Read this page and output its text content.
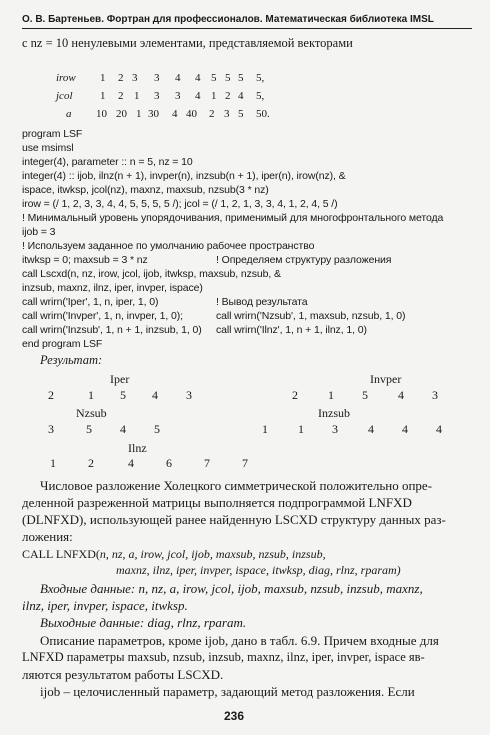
О. В. Бартеньев. Фортран для профессионалов. Математическая библиотека IMSL
с nz = 10 ненулевыми элементами, представляемой векторами
irow 1 2 3 3 4 4 5 5 5 5,
jcol	1 2 1 3 3 4 1 2 4 5,
a 10 20 1 30 4 40 2 3 5 50.
program LSF
use msimsl
integer(4), parameter :: n = 5, nz = 10
integer(4) :: ijob, ilnz(n + 1), invper(n), inzsub(n + 1), iper(n), irow(nz), &
ispace, itwksp, jcol(nz), maxnz, maxsub, nzsub(3 * nz)
irow = (/ 1, 2, 3, 3, 4, 4, 5, 5, 5, 5 /); jcol = (/ 1, 2, 1, 3, 3, 4, 1, 2, 4, 5 /)
! Минимальный уровень упорядочивания, применимый для многофронтального метода
ijob = 3
! Используем заданное по умолчанию рабочее пространство
itwksp = 0; maxsub = 3 * nz	! Определяем структуру разложения
call Lscxd(n, nz, irow, jcol, ijob, itwksp, maxsub, nzsub, &
inzsub, maxnz, ilnz, iper, invper, ispace)
call wrirn('Iper', 1, n, iper, 1, 0)	! Вывод результата
call wrirn('Invper', 1, n, invper, 1, 0);	call wrirn('Nzsub', 1, maxsub, nzsub, 1, 0)
call wrirn('Inzsub', 1, n + 1, inzsub, 1, 0) call wrirn('Ilnz', 1, n + 1, ilnz, 1, 0)
end program LSF
Результат:
Iper	Invper
2	1 5 4 3	2	1 5	4 3
Nzsub	Inzsub
3	5 4 5	1	1 3	4 4 4
Ilnz
1	2	4	6	7	7
Числовое разложение Холецкого симметрической положительно опре-
деленной разреженной матрицы выполняется подпрограммой LNFXD
(DLNFXD), использующей ранее найденную LSCXD структуру данных раз-
ложения:
CALL LNFXD(n, nz, a, irow, jcol, ijob, maxsub, nzsub, inzsub,
maxnz, ilnz, iper, invper, ispace, itwksp, diag, rlnz, rparam)
Входные данные: n, nz, a, irow, jcol, ijob, maxsub, nzsub, inzsub, maxnz,
ilnz, iper, invper, ispace, itwksp.
Выходные данные: diag, rlnz, rparam.
Описание параметров, кроме ijob, дано в табл. 6.9. Причем входные для
LNFXD параметры maxsub, nzsub, inzsub, maxnz, ilnz, iper, invper, ispace яв-
ляются результатом работы LSCXD.
ijob – целочисленный параметр, задающий метод разложения. Если
236
